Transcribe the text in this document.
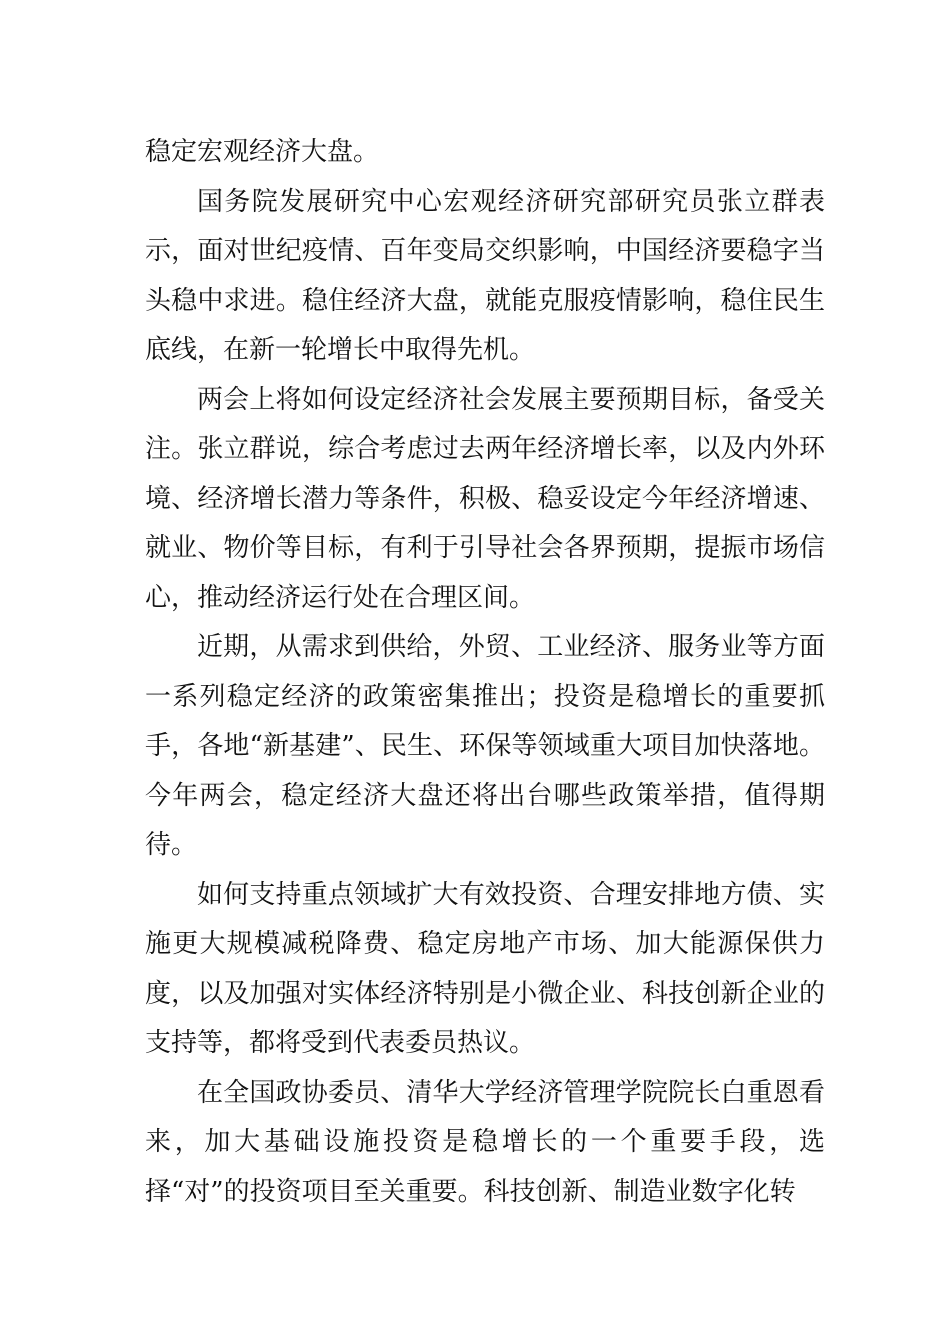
稳定宏观经济大盘。

国务院发展研究中心宏观经济研究部研究员张立群表示，面对世纪疫情、百年变局交织影响，中国经济要稳字当头稳中求进。稳住经济大盘，就能克服疫情影响，稳住民生底线，在新一轮增长中取得先机。

两会上将如何设定经济社会发展主要预期目标，备受关注。张立群说，综合考虑过去两年经济增长率，以及内外环境、经济增长潜力等条件，积极、稳妥设定今年经济增速、就业、物价等目标，有利于引导社会各界预期，提振市场信心，推动经济运行处在合理区间。

近期，从需求到供给，外贸、工业经济、服务业等方面一系列稳定经济的政策密集推出；投资是稳增长的重要抓手，各地“新基建”、民生、环保等领域重大项目加快落地。今年两会，稳定经济大盘还将出台哪些政策举措，值得期待。

如何支持重点领域扩大有效投资、合理安排地方债、实施更大规模减税降费、稳定房地产市场、加大能源保供力度，以及加强对实体经济特别是小微企业、科技创新企业的支持等，都将受到代表委员热议。

在全国政协委员、清华大学经济管理学院院长白重恩看来，加大基础设施投资是稳增长的一个重要手段，选择“对”的投资项目至关重要。科技创新、制造业数字化转
